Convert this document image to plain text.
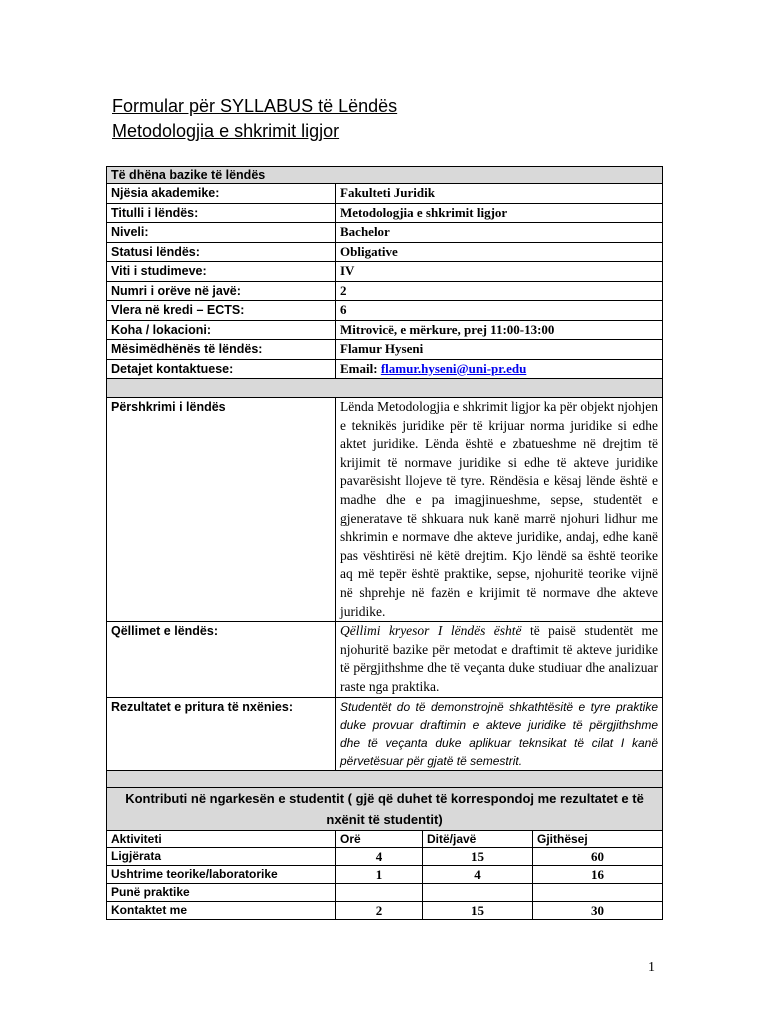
Formular për SYLLABUS të Lëndës
Metodologjia e shkrimit ligjor
Të dhëna bazike të lëndës			
Njësia akademike:	Fakulteti Juridik		
Titulli i lëndës:	Metodologjia e shkrimit ligjor		
Niveli:	Bachelor		
Statusi lëndës:	Obligative		
Viti i studimeve:	IV		
Numri i orëve në javë:	2		
Vlera në kredi – ECTS:	6		
Koha / lokacioni:	Mitrovicë, e mërkure, prej 11:00-13:00		
Mësimëdhënës të lëndës:	Flamur Hyseni		
Detajet kontaktuese:	Email: flamur.hyseni@uni-pr.edu		

Përshkrimi i lëndës	Lënda Metodologjia e shkrimit ligjor ka për objekt njohjen e teknikës juridike për të krijuar norma juridike si edhe aktet juridike. Lënda është e zbatueshme në drejtim të krijimit të normave juridike si edhe të akteve juridike pavarësisht llojeve të tyre. Rëndësia e kësaj lënde është e madhe dhe e pa imagjinueshme, sepse, studentët e gjeneratave të shkuara nuk kanë marrë njohuri lidhur me shkrimin e normave dhe akteve juridike, andaj, edhe kanë pas vështirësi në këtë drejtim. Kjo lëndë sa është teorike aq më tepër është praktike, sepse, njohuritë teorike vijnë në shprehje në fazën e krijimit të normave dhe akteve juridike.		
Qëllimet e lëndës:	Qëllimi kryesor I lëndës është të paisë studentët me njohuritë bazike për metodat e draftimit të akteve juridike të përgjithshme dhe të veçanta duke studiuar dhe analizuar raste nga praktika.		
Rezultatet e pritura të nxënies:	Studentët do të demonstrojnë shkathtësitë e tyre praktike duke provuar draftimin e akteve juridike të përgjithshme dhe të veçanta duke aplikuar teknsikat të cilat I kanë përvetësuar për gjatë të semestrit.		

Kontributi në ngarkesën e studentit ( gjë që duhet të korrespondoj me rezultatet e të nxënit të studentit)			
Aktiviteti	Orë	Ditë/javë	Gjithësej
Ligjërata	4	15	60
Ushtrime teorike/laboratorike	1	4	16
Punë praktike			
Kontaktet me	2	15	30
1
